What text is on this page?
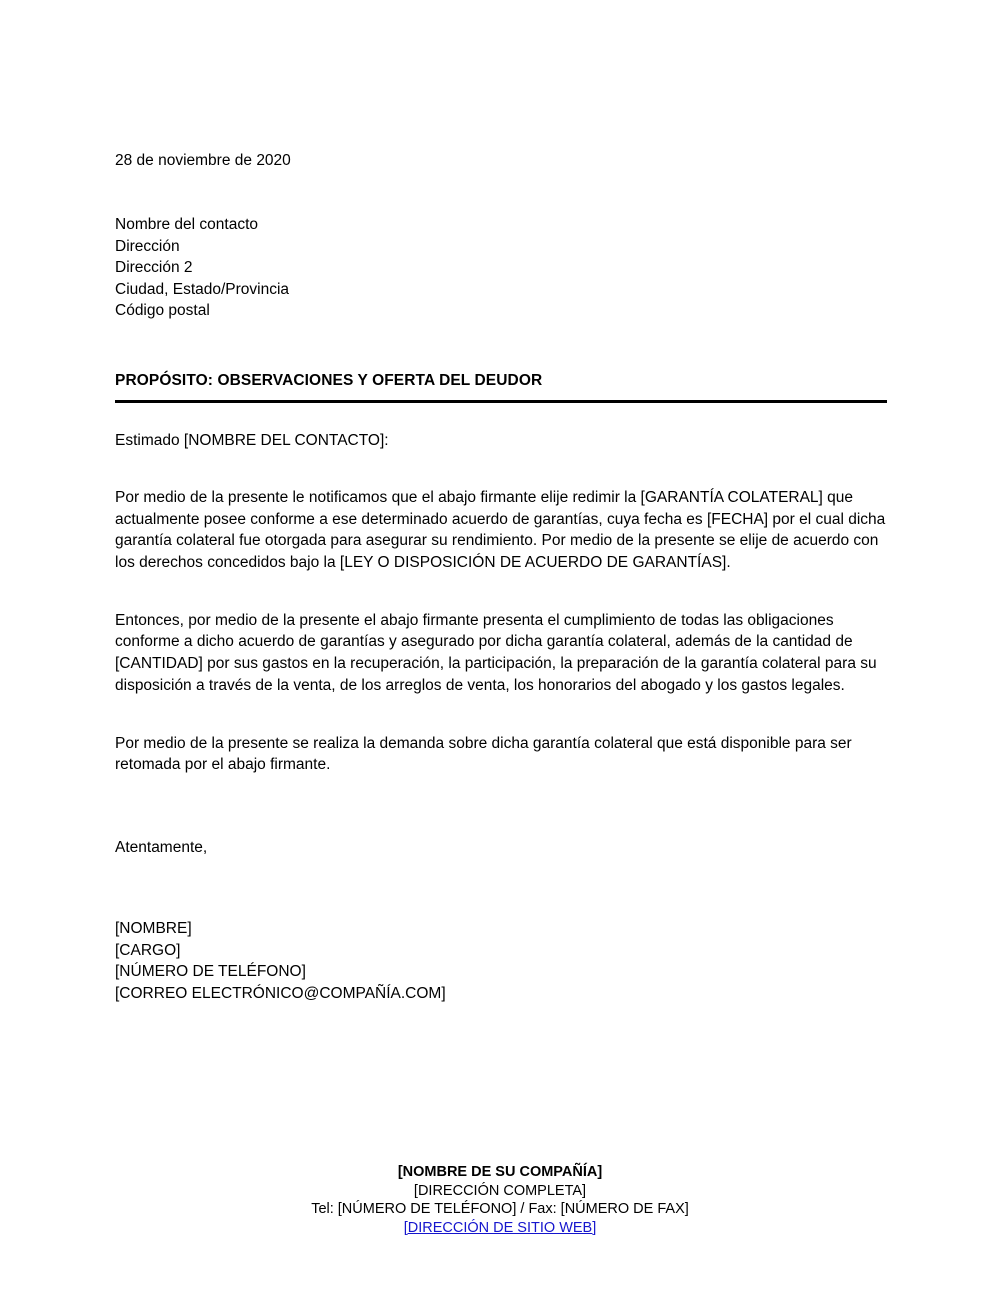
28 de noviembre de 2020
Nombre del contacto
Dirección
Dirección 2
Ciudad, Estado/Provincia
Código postal
PROPÓSITO: OBSERVACIONES Y OFERTA DEL DEUDOR
Estimado [NOMBRE DEL CONTACTO]:

Por medio de la presente le notificamos que el abajo firmante elije redimir la [GARANTÍA COLATERAL] que actualmente posee conforme a ese determinado acuerdo de garantías, cuya fecha es [FECHA] por el cual dicha garantía colateral fue otorgada para asegurar su rendimiento. Por medio de la presente se elije de acuerdo con los derechos concedidos bajo la [LEY O DISPOSICIÓN DE ACUERDO DE GARANTÍAS].

Entonces, por medio de la presente el abajo firmante presenta el cumplimiento de todas las obligaciones conforme a dicho acuerdo de garantías y asegurado por dicha garantía colateral, además de la cantidad de [CANTIDAD] por sus gastos en la recuperación, la participación, la preparación de la garantía colateral para su disposición a través de la venta, de los arreglos de venta, los honorarios del abogado y los gastos legales.

Por medio de la presente se realiza la demanda sobre dicha garantía colateral que está disponible para ser retomada por el abajo firmante.

Atentamente,
[NOMBRE]
[CARGO]
[NÚMERO DE TELÉFONO]
[CORREO ELECTRÓNICO@COMPAÑÍA.COM]
[NOMBRE DE SU COMPAÑÍA]
[DIRECCIÓN COMPLETA]
Tel: [NÚMERO DE TELÉFONO] / Fax: [NÚMERO DE FAX]
[DIRECCIÓN DE SITIO WEB]
